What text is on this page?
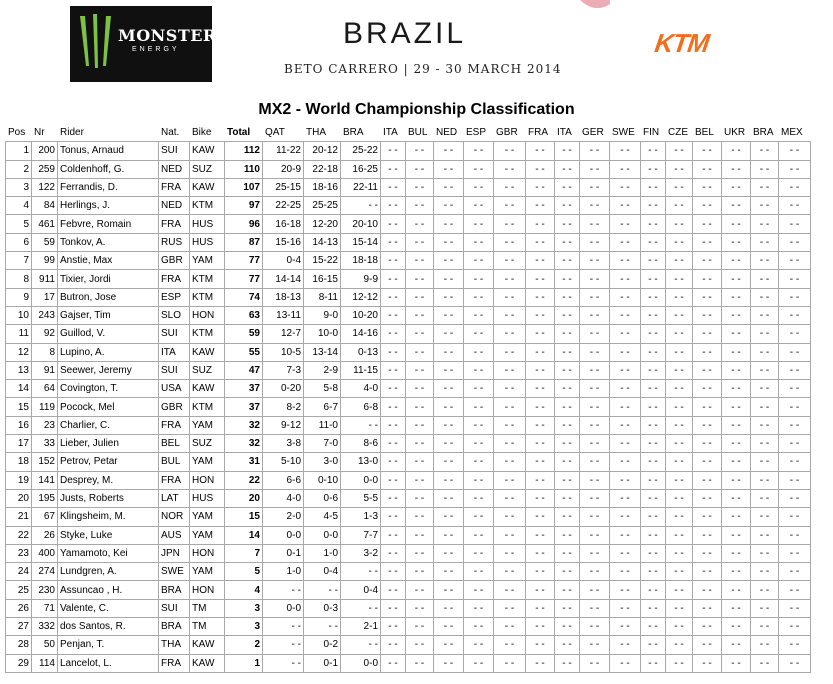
MONSTER
ENERGY	BRAZIL
BETO CARRERO | 29 - 30 MARCH 2014
KTM
MX2 - World Championship Classification
Pos	Nr	Rider	Nat.	Bike	Total	QAT	THA	BRA	ITA	BUL	NED	ESP	GBR	FRA	ITA	GER	SWE	FIN	CZE	BEL	UKR	BRA	MEX
1	200	Tonus, Arnaud	SUI	KAW	112	11-22	20-12	25-22	- -	- -	- -	- -	- -	- -	- -	- -	- -	- -	- -	- -	- -	- -	- -
2	259	Coldenhoff, G.	NED	SUZ	110	20-9	22-18	16-25	- -	- -	- -	- -	- -	- -	- -	- -	- -	- -	- -	- -	- -	- -	- -
3	122	Ferrandis, D.	FRA	KAW	107	25-15	18-16	22-11	- -	- -	- -	- -	- -	- -	- -	- -	- -	- -	- -	- -	- -	- -	- -
4	84	Herlings, J.	NED	KTM	97	22-25	25-25	- -	- -	- -	- -	- -	- -	- -	- -	- -	- -	- -	- -	- -	- -	- -	- -
5	461	Febvre, Romain	FRA	HUS	96	16-18	12-20	20-10	- -	- -	- -	- -	- -	- -	- -	- -	- -	- -	- -	- -	- -	- -	- -
6	59	Tonkov, A.	RUS	HUS	87	15-16	14-13	15-14	- -	- -	- -	- -	- -	- -	- -	- -	- -	- -	- -	- -	- -	- -	- -
7	99	Anstie, Max	GBR	YAM	77	0-4	15-22	18-18	- -	- -	- -	- -	- -	- -	- -	- -	- -	- -	- -	- -	- -	- -	- -
8	911	Tixier, Jordi	FRA	KTM	77	14-14	16-15	9-9	- -	- -	- -	- -	- -	- -	- -	- -	- -	- -	- -	- -	- -	- -	- -
9	17	Butron, Jose	ESP	KTM	74	18-13	8-11	12-12	- -	- -	- -	- -	- -	- -	- -	- -	- -	- -	- -	- -	- -	- -	- -
10	243	Gajser, Tim	SLO	HON	63	13-11	9-0	10-20	- -	- -	- -	- -	- -	- -	- -	- -	- -	- -	- -	- -	- -	- -	- -
11	92	Guillod, V.	SUI	KTM	59	12-7	10-0	14-16	- -	- -	- -	- -	- -	- -	- -	- -	- -	- -	- -	- -	- -	- -	- -
12	8	Lupino, A.	ITA	KAW	55	10-5	13-14	0-13	- -	- -	- -	- -	- -	- -	- -	- -	- -	- -	- -	- -	- -	- -	- -
13	91	Seewer, Jeremy	SUI	SUZ	47	7-3	2-9	11-15	- -	- -	- -	- -	- -	- -	- -	- -	- -	- -	- -	- -	- -	- -	- -
14	64	Covington, T.	USA	KAW	37	0-20	5-8	4-0	- -	- -	- -	- -	- -	- -	- -	- -	- -	- -	- -	- -	- -	- -	- -
15	119	Pocock, Mel	GBR	KTM	37	8-2	6-7	6-8	- -	- -	- -	- -	- -	- -	- -	- -	- -	- -	- -	- -	- -	- -	- -
16	23	Charlier, C.	FRA	YAM	32	9-12	11-0	- -	- -	- -	- -	- -	- -	- -	- -	- -	- -	- -	- -	- -	- -	- -	- -
17	33	Lieber, Julien	BEL	SUZ	32	3-8	7-0	8-6	- -	- -	- -	- -	- -	- -	- -	- -	- -	- -	- -	- -	- -	- -	- -
18	152	Petrov, Petar	BUL	YAM	31	5-10	3-0	13-0	- -	- -	- -	- -	- -	- -	- -	- -	- -	- -	- -	- -	- -	- -	- -
19	141	Desprey, M.	FRA	HON	22	6-6	0-10	0-0	- -	- -	- -	- -	- -	- -	- -	- -	- -	- -	- -	- -	- -	- -	- -
20	195	Justs, Roberts	LAT	HUS	20	4-0	0-6	5-5	- -	- -	- -	- -	- -	- -	- -	- -	- -	- -	- -	- -	- -	- -	- -
21	67	Klingsheim, M.	NOR	YAM	15	2-0	4-5	1-3	- -	- -	- -	- -	- -	- -	- -	- -	- -	- -	- -	- -	- -	- -	- -
22	26	Styke, Luke	AUS	YAM	14	0-0	0-0	7-7	- -	- -	- -	- -	- -	- -	- -	- -	- -	- -	- -	- -	- -	- -	- -
23	400	Yamamoto, Kei	JPN	HON	7	0-1	1-0	3-2	- -	- -	- -	- -	- -	- -	- -	- -	- -	- -	- -	- -	- -	- -	- -
24	274	Lundgren, A.	SWE	YAM	5	1-0	0-4	- -	- -	- -	- -	- -	- -	- -	- -	- -	- -	- -	- -	- -	- -	- -	- -
25	230	Assuncao , H.	BRA	HON	4	- -	- -	0-4	- -	- -	- -	- -	- -	- -	- -	- -	- -	- -	- -	- -	- -	- -	- -
26	71	Valente, C.	SUI	TM	3	0-0	0-3	- -	- -	- -	- -	- -	- -	- -	- -	- -	- -	- -	- -	- -	- -	- -	- -
27	332	dos Santos, R.	BRA	TM	3	- -	- -	2-1	- -	- -	- -	- -	- -	- -	- -	- -	- -	- -	- -	- -	- -	- -	- -
28	50	Penjan, T.	THA	KAW	2	- -	0-2	- -	- -	- -	- -	- -	- -	- -	- -	- -	- -	- -	- -	- -	- -	- -	- -
29	114	Lancelot, L.	FRA	KAW	1	- -	0-1	0-0	- -	- -	- -	- -	- -	- -	- -	- -	- -	- -	- -	- -	- -	- -	- -
